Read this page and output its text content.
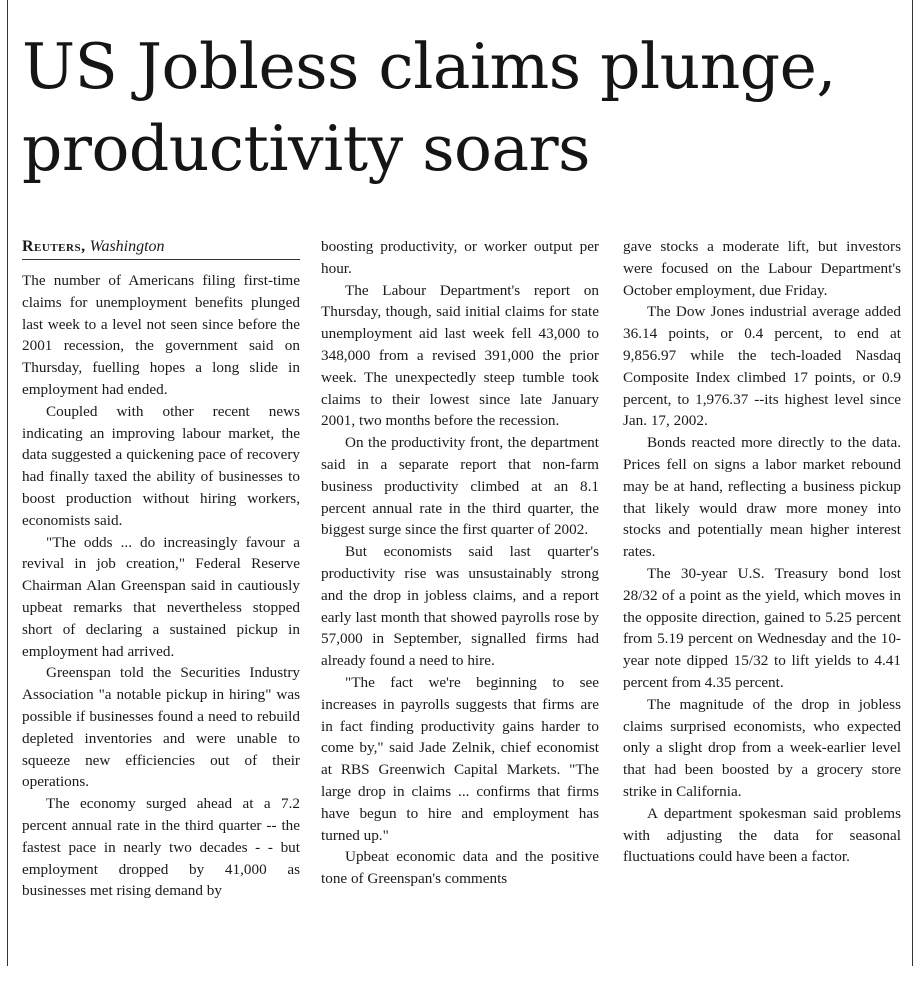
US Jobless claims plunge, productivity soars
Reuters, Washington

The number of Americans filing first-time claims for unemployment benefits plunged last week to a level not seen since before the 2001 recession, the government said on Thursday, fuelling hopes a long slide in employment had ended.

Coupled with other recent news indicating an improving labour market, the data suggested a quickening pace of recovery had finally taxed the ability of businesses to boost production without hiring workers, economists said.

"The odds ... do increasingly favour a revival in job creation," Federal Reserve Chairman Alan Greenspan said in cautiously upbeat remarks that nevertheless stopped short of declaring a sustained pickup in employment had arrived.

Greenspan told the Securities Industry Association "a notable pickup in hiring" was possible if businesses found a need to rebuild depleted inventories and were unable to squeeze new efficiencies out of their operations.

The economy surged ahead at a 7.2 percent annual rate in the third quarter -- the fastest pace in nearly two decades - - but employment dropped by 41,000 as businesses met rising demand by

boosting productivity, or worker output per hour.

The Labour Department's report on Thursday, though, said initial claims for state unemployment aid last week fell 43,000 to 348,000 from a revised 391,000 the prior week. The unexpectedly steep tumble took claims to their lowest since late January 2001, two months before the recession.

On the productivity front, the department said in a separate report that non-farm business productivity climbed at an 8.1 percent annual rate in the third quarter, the biggest surge since the first quarter of 2002.

But economists said last quarter's productivity rise was unsustainably strong and the drop in jobless claims, and a report early last month that showed payrolls rose by 57,000 in September, signalled firms had already found a need to hire.

"The fact we're beginning to see increases in payrolls suggests that firms are in fact finding productivity gains harder to come by," said Jade Zelnik, chief economist at RBS Greenwich Capital Markets. "The large drop in claims ... confirms that firms have begun to hire and employment has turned up."

Upbeat economic data and the positive tone of Greenspan's comments

gave stocks a moderate lift, but investors were focused on the Labour Department's October employment, due Friday.

The Dow Jones industrial average added 36.14 points, or 0.4 percent, to end at 9,856.97 while the tech-loaded Nasdaq Composite Index climbed 17 points, or 0.9 percent, to 1,976.37 --its highest level since Jan. 17, 2002.

Bonds reacted more directly to the data. Prices fell on signs a labor market rebound may be at hand, reflecting a business pickup that likely would draw more money into stocks and potentially mean higher interest rates.

The 30-year U.S. Treasury bond lost 28/32 of a point as the yield, which moves in the opposite direction, gained to 5.25 percent from 5.19 percent on Wednesday and the 10-year note dipped 15/32 to lift yields to 4.41 percent from 4.35 percent.

The magnitude of the drop in jobless claims surprised economists, who expected only a slight drop from a week-earlier level that had been boosted by a grocery store strike in California.

A department spokesman said problems with adjusting the data for seasonal fluctuations could have been a factor.
